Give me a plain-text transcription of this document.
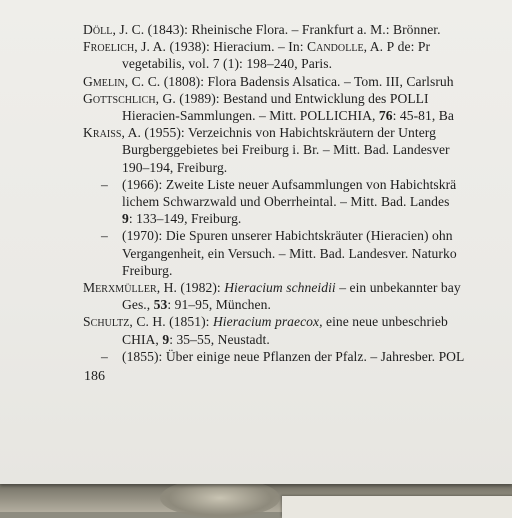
Döll, J. C. (1843): Rheinische Flora. – Frankfurt a. M.: Brönner.
Froelich, J. A. (1938): Hieracium. – In: Candolle, A. P de: Pr
vegetabilis, vol. 7 (1): 198–240, Paris.
Gmelin, C. C. (1808): Flora Badensis Alsatica. – Tom. III, Carlsruh
Gottschlich, G. (1989): Bestand und Entwicklung des POLLI
Hieracien-Sammlungen. – Mitt. POLLICHIA, 76: 45-81, Ba
Kraiss, A. (1955): Verzeichnis von Habichtskräutern der Unterg
Burgberggebietes bei Freiburg i. Br. – Mitt. Bad. Landesver
190–194, Freiburg.
– (1966): Zweite Liste neuer Aufsammlungen von Habichtskrä
lichem Schwarzwald und Oberrheintal. – Mitt. Bad. Landes
9: 133–149, Freiburg.
– (1970): Die Spuren unserer Habichtskräuter (Hieracien) ohn
Vergangenheit, ein Versuch. – Mitt. Bad. Landesver. Naturko
Freiburg.
Merxmüller, H. (1982): Hieracium schneidii – ein unbekannter bay
Ges., 53: 91–95, München.
Schultz, C. H. (1851): Hieracium praecox, eine neue unbeschrieb
CHIA, 9: 35–55, Neustadt.
– (1855): Über einige neue Pflanzen der Pfalz. – Jahresber. POL
186
